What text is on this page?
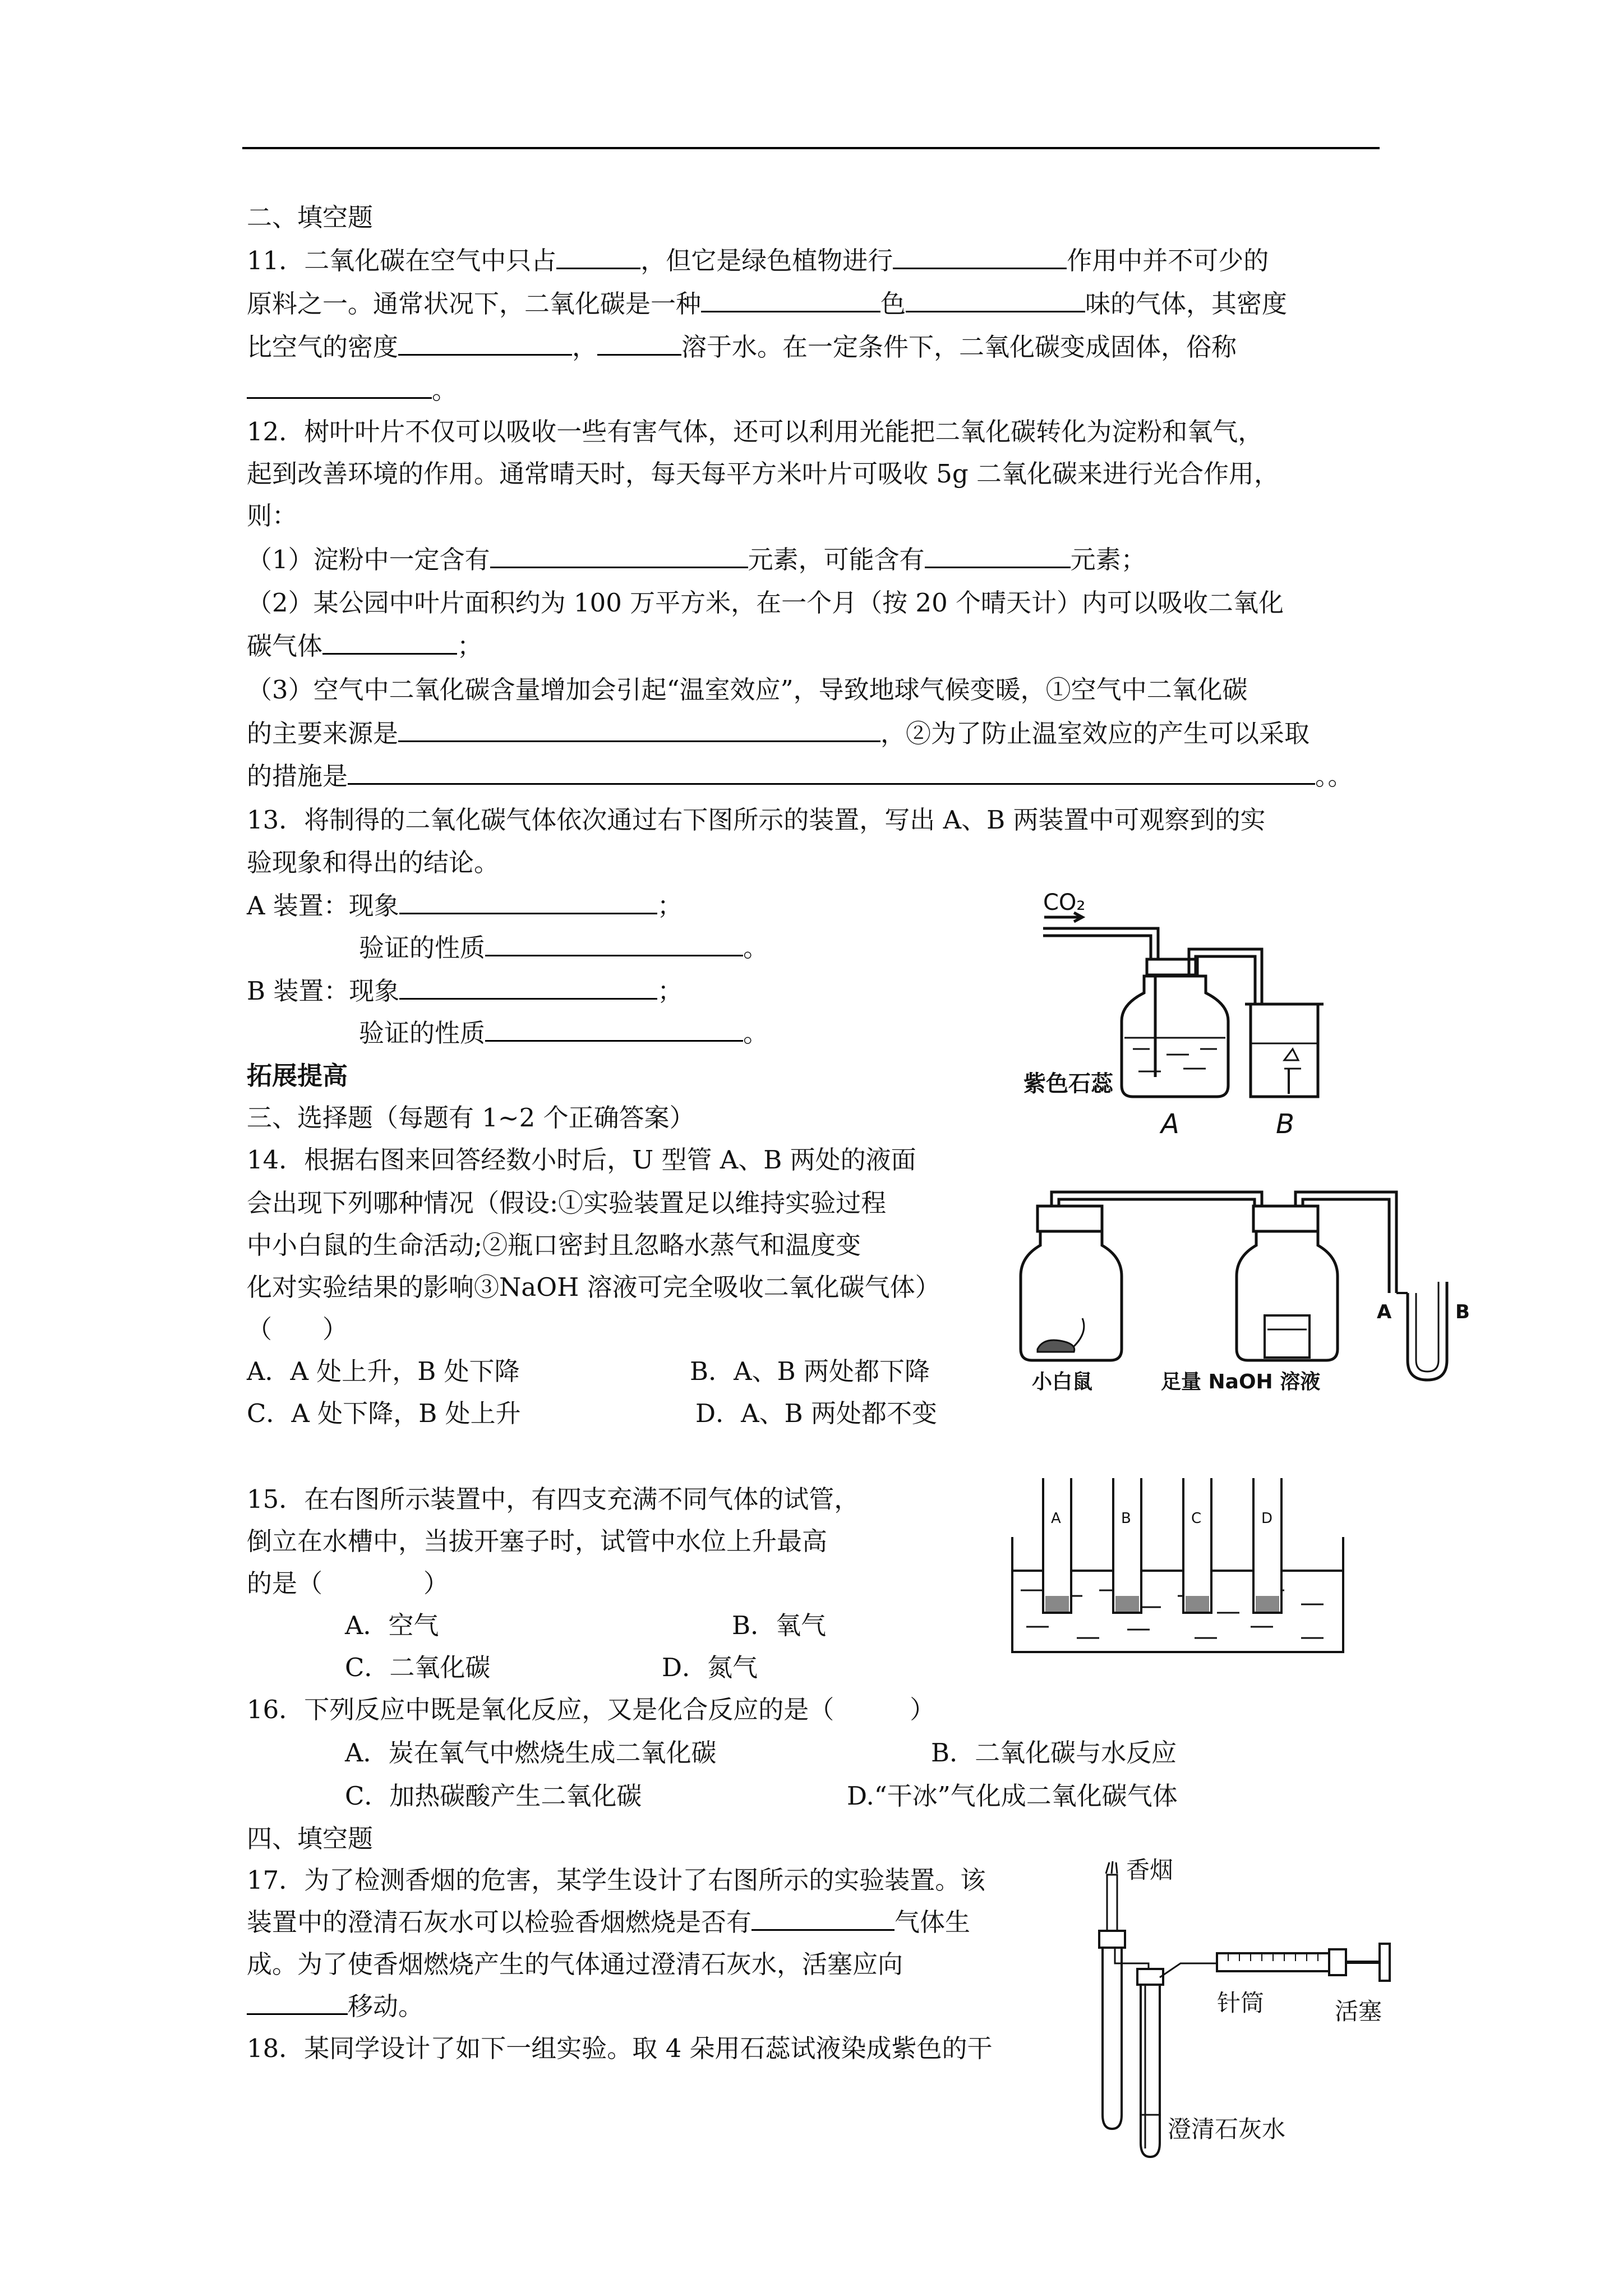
二、填空题
11．二氧化碳在空气中只占	，但它是绿色植物进行	作用中并不可少的
原料之一。通常状况下，二氧化碳是一种	色	味的气体，其密度
比空气的密度	，	溶于水。在一定条件下，二氧化碳变成固体，俗称
。
12．树叶叶片不仅可以吸收一些有害气体，还可以利用光能把二氧化碳转化为淀粉和氧气，
起到改善环境的作用。通常晴天时，每天每平方米叶片可吸收 5g 二氧化碳来进行光合作用，
则：
（1）淀粉中一定含有	元素，可能含有	元素；
（2）某公园中叶片面积约为 100 万平方米，在一个月（按 20 个晴天计）内可以吸收二氧化
碳气体	；
（3）空气中二氧化碳含量增加会引起“温室效应”，导致地球气候变暖，①空气中二氧化碳
的主要来源是	，②为了防止温室效应的产生可以采取
的措施是	。。
13．将制得的二氧化碳气体依次通过右下图所示的装置，写出 A、B 两装置中可观察到的实
验现象和得出的结论。
A 装置：现象	；
验证的性质	。
B 装置：现象	；
验证的性质	。
拓展提高
三、选择题（每题有 1~2 个正确答案）
14．根据右图来回答经数小时后，U 型管 A、B 两处的液面
会出现下列哪种情况（假设:①实验装置足以维持实验过程
中小白鼠的生命活动;②瓶口密封且忽略水蒸气和温度变
化对实验结果的影响③NaOH 溶液可完全吸收二氧化碳气体）
（　　）
A．A 处上升，B 处下降	B．A、B 两处都下降
C．A 处下降，B 处上升	D．A、B 两处都不变
15．在右图所示装置中，有四支充满不同气体的试管，
倒立在水槽中，当拔开塞子时，试管中水位上升最高
的是（　　　　）
A．空气	B．氧气
C．二氧化碳	D．氮气
16．下列反应中既是氧化反应，又是化合反应的是（　　　）
A．炭在氧气中燃烧生成二氧化碳	B．二氧化碳与水反应
C．加热碳酸产生二氧化碳	D.“干冰”气化成二氧化碳气体
四、填空题
17．为了检测香烟的危害，某学生设计了右图所示的实验装置。该
装置中的澄清石灰水可以检验香烟燃烧是否有	气体生
成。为了使香烟燃烧产生的气体通过澄清石灰水，活塞应向
移动。
18．某同学设计了如下一组实验。取 4 朵用石蕊试液染成紫色的干
CO₂
紫色石蕊
A	B
A	B
小白鼠	足量 NaOH 溶液
A	B	C	D
香烟
针筒	活塞
澄清石灰水
